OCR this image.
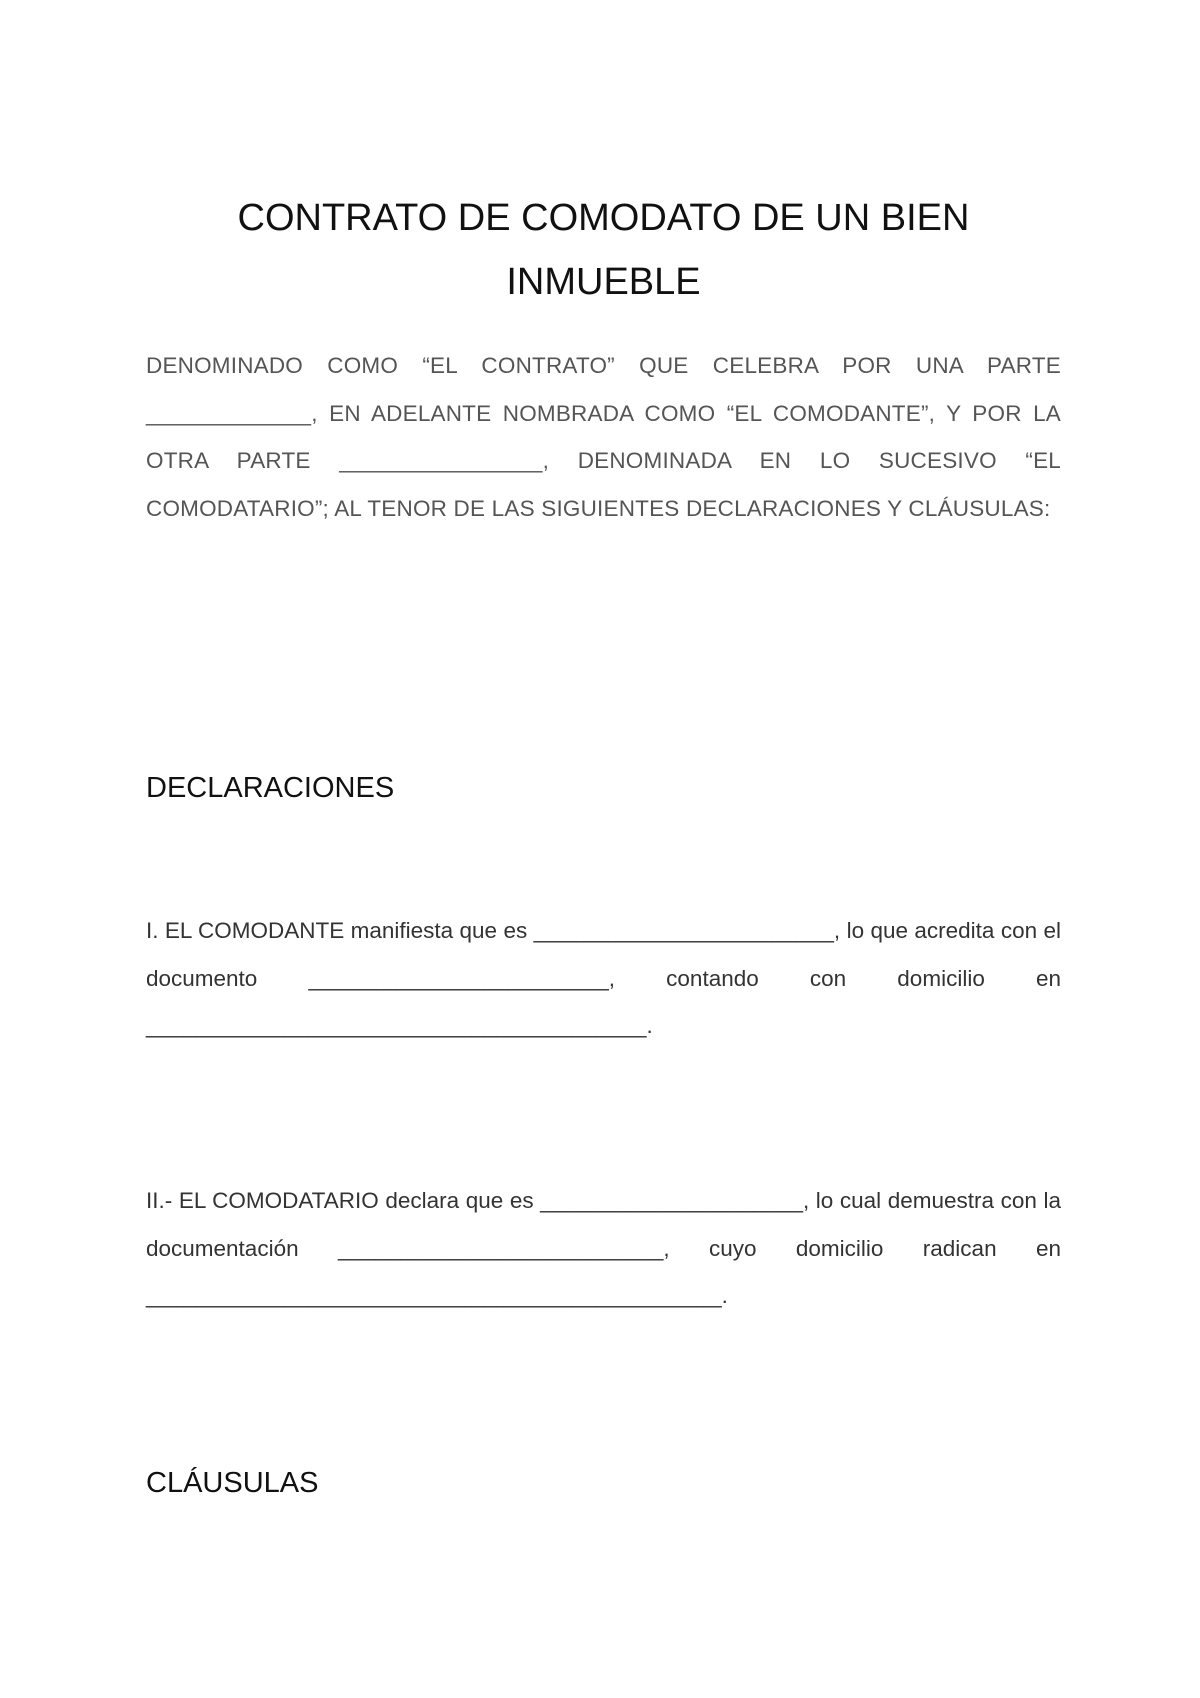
CONTRATO DE COMODATO DE UN BIEN INMUEBLE

DENOMINADO COMO “EL CONTRATO” QUE CELEBRA POR UNA PARTE _____________, EN ADELANTE NOMBRADA COMO “EL COMODANTE”, Y POR LA OTRA PARTE ________________, DENOMINADA EN LO SUCESIVO “EL COMODATARIO”; AL TENOR DE LAS SIGUIENTES DECLARACIONES Y CLÁUSULAS:

DECLARACIONES

I. EL COMODANTE manifiesta que es ________________________, lo que acredita con el documento ________________________, contando con domicilio en ________________________________________.

II.- EL COMODATARIO declara que es _____________________, lo cual demuestra con la documentación __________________________, cuyo domicilio radican en ______________________________________________.

CLÁUSULAS
